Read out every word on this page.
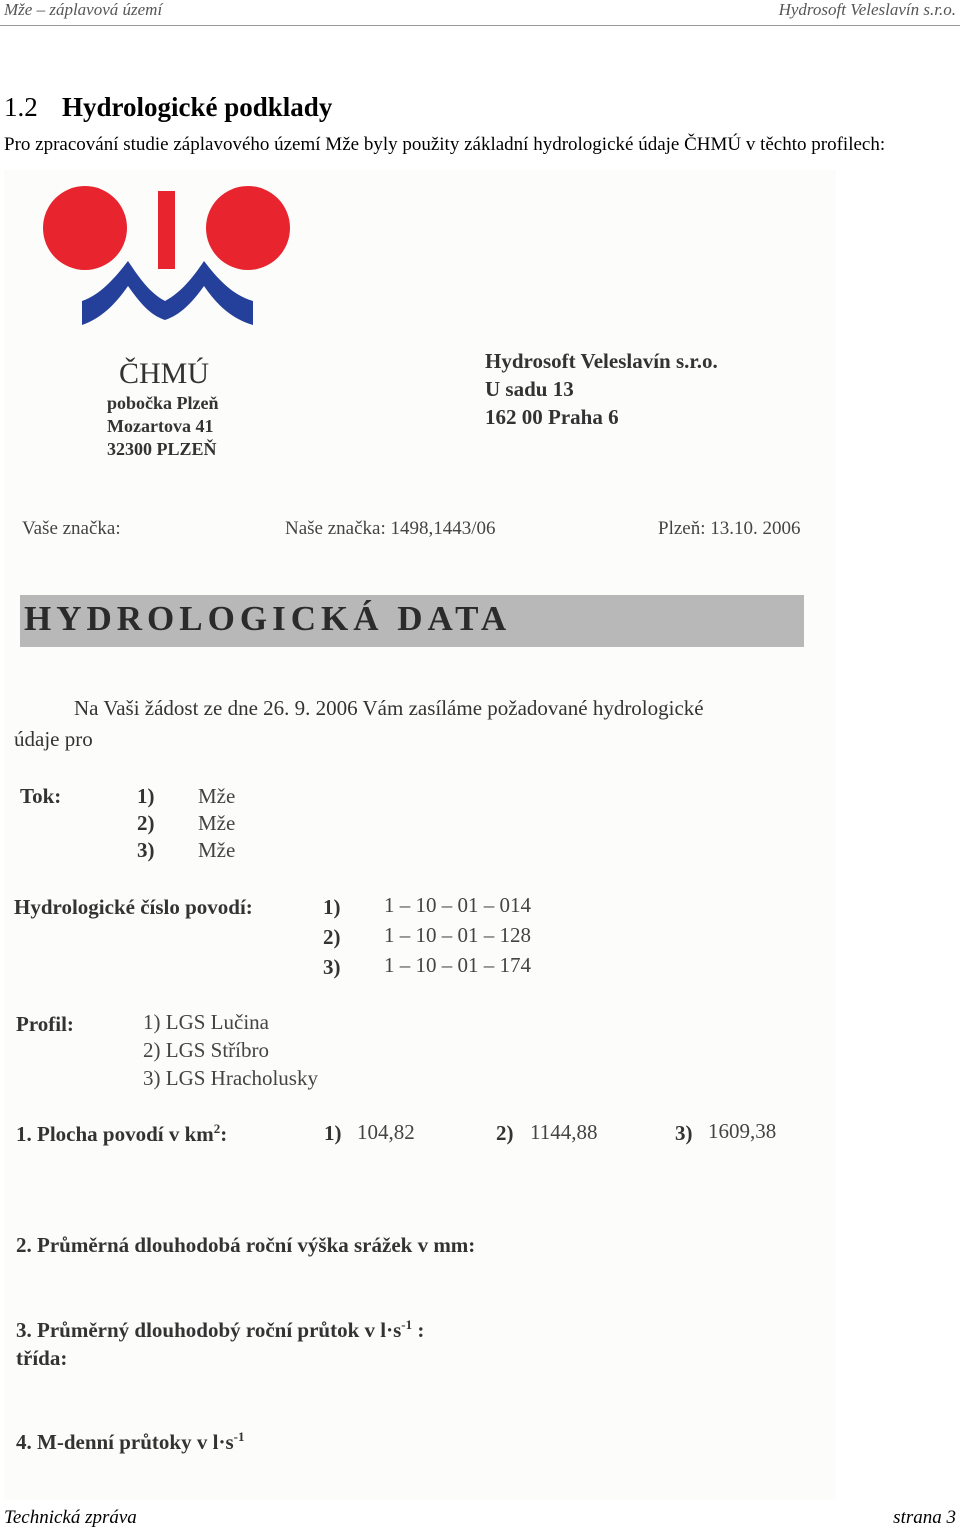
Mže – záplavová území	Hydrosoft Veleslavín s.r.o.
1.2 Hydrologické podklady
Pro zpracování studie záplavového území Mže byly použity základní hydrologické údaje ČHMÚ v těchto profilech:
ČHMÚ
pobočka Plzeň
Mozartova 41
32300 PLZEŇ
Hydrosoft Veleslavín s.r.o.
U sadu 13
162 00 Praha 6
Vaše značka:	Naše značka: 1498,1443/06	Plzeň: 13.10. 2006
HYDROLOGICKÁ DATA
Na Vaši žádost ze dne 26. 9. 2006 Vám zasíláme požadované hydrologické
údaje pro
Tok:	1) Mže
2) Mže
3) Mže
Hydrologické číslo povodí:	1) 1 – 10 – 01 – 014
2) 1 – 10 – 01 – 128
3) 1 – 10 – 01 – 174
Profil:	1) LGS Lučina
2) LGS Stříbro
3) LGS Hracholusky
1. Plocha povodí v $km^2$:	1) 104,82	2) 1144,88	3) 1609,38
2. Průměrná dlouhodobá roční výška srážek v mm:
3. Průměrný dlouhodobý roční průtok v $l\cdot s^{-1}$ :
třída:
4. M-denní průtoky v $l\cdot s^{-1}$
Technická zpráva	strana 3
